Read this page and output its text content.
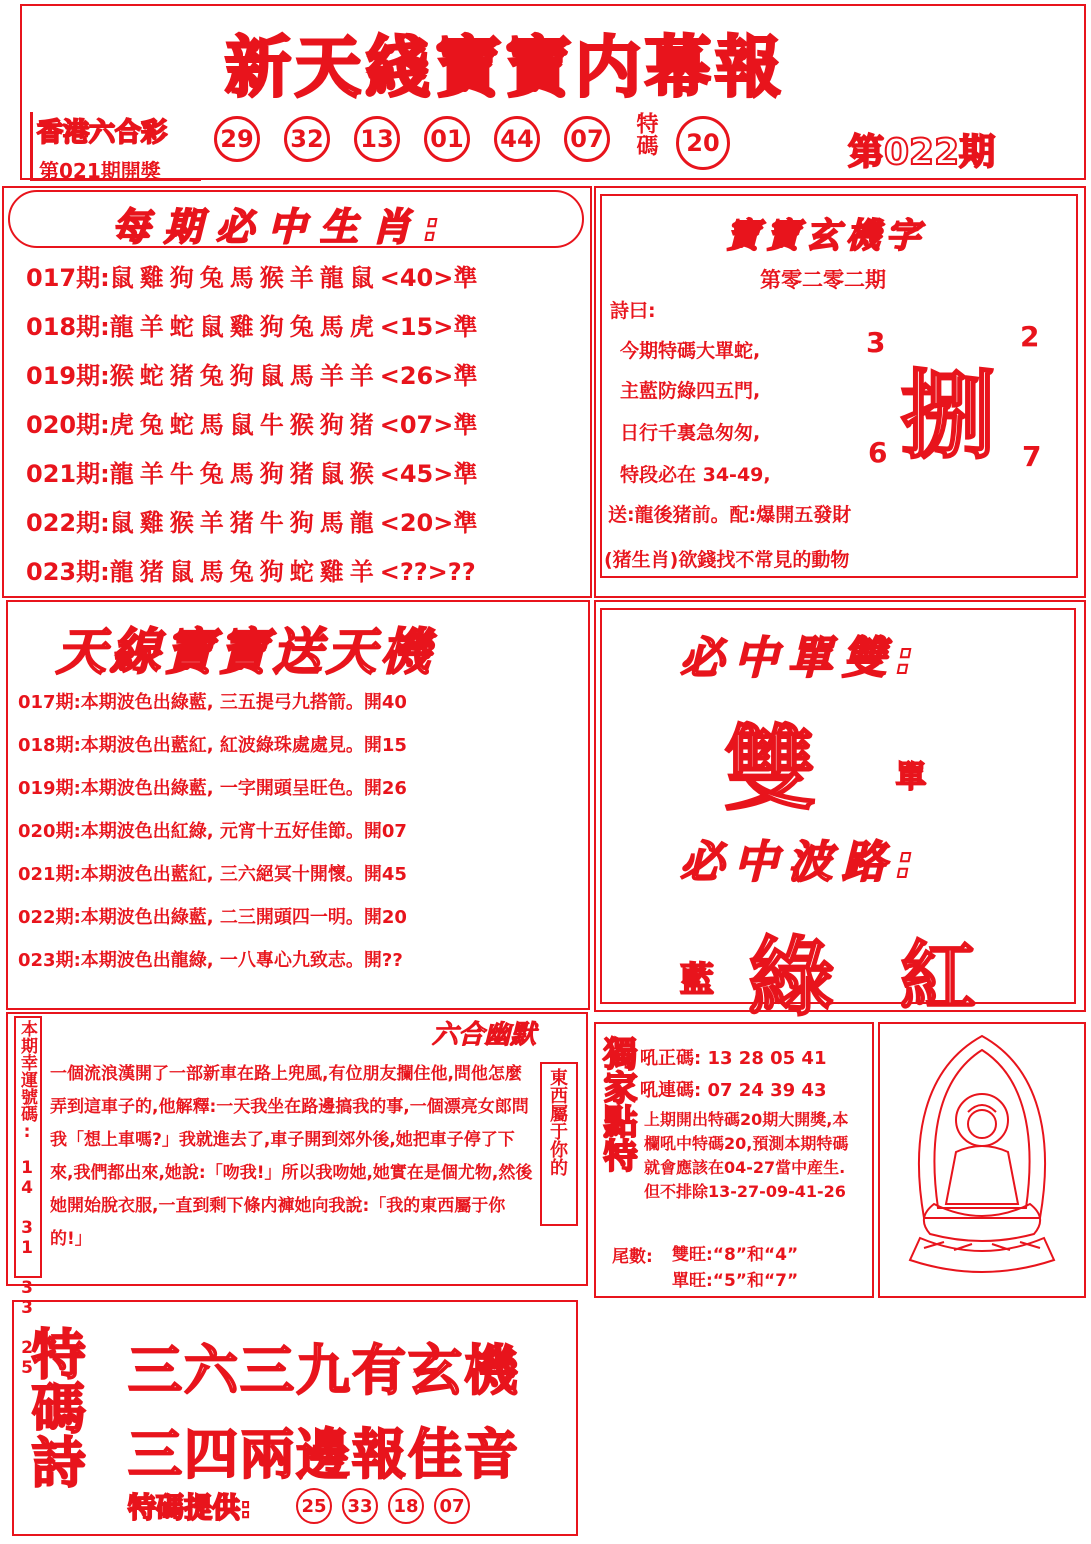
新天綫寶寶内幕報
香港六合彩
第021期開獎
29 32 13 01 44 07 特碼	20	第022期
每期必中生肖:
017期:鼠雞狗兔馬猴羊龍鼠<40>準
018期:龍羊蛇鼠雞狗兔馬虎<15>準
019期:猴蛇猪兔狗鼠馬羊羊<26>準
020期:虎兔蛇馬鼠牛猴狗猪<07>準
021期:龍羊牛兔馬狗猪鼠猴<45>準
022期:鼠雞猴羊猪牛狗馬龍<20>準
023期:龍猪鼠馬兔狗蛇雞羊<??>??
寶寶玄機字
第零二零二期
詩曰:
今期特碼大單蛇,
主藍防綠四五門,
日行千裏急匆匆,
特段必在 34-49,
送:龍後猪前。配:爆開五發財
(猪生肖)欲錢找不常見的動物
捌
3	2
6	7
天線寶寶送天機
017期:本期波色出綠藍, 三五提弓九搭箭。開40
018期:本期波色出藍紅, 紅波綠珠處處見。開15
019期:本期波色出綠藍, 一字開頭呈旺色。開26
020期:本期波色出紅綠, 元宵十五好佳節。開07
021期:本期波色出藍紅, 三六絕冥十開懷。開45
022期:本期波色出綠藍, 二三開頭四一明。開20
023期:本期波色出龍綠, 一八專心九致志。開??
必中單雙:
雙	單
必中波路:
藍 綠 紅
本期幸運號碼:
14 31 33 25
六合幽默
一個流浪漢開了一部新車在路上兜風,有位朋友攔住他,問他怎麼弄到這車子的,他解釋:一天我坐在路邊搞我的事,一個漂亮女郎問我「想上車嗎?」我就進去了,車子開到郊外後,她把車子停了下來,我們都出來,她說:「吻我!」所以我吻她,她實在是個尤物,然後她開始脫衣服,一直到剩下條内褲她向我說:「我的東西屬于你的!」
東西屬于你的 獨家點特 吼正碼: 13 28 05 41
吼連碼: 07 24 39 43
上期開出特碼20期大開獎,本欄吼中特碼20,預測本期特碼就會應該在04-27當中産生.但不排除13-27-09-41-26
尾數: 雙旺:“8”和“4”
單旺:“5”和“7”
特碼詩 三六三九有玄機
三四兩邊報佳音
特碼提供:	25	33	18	07
